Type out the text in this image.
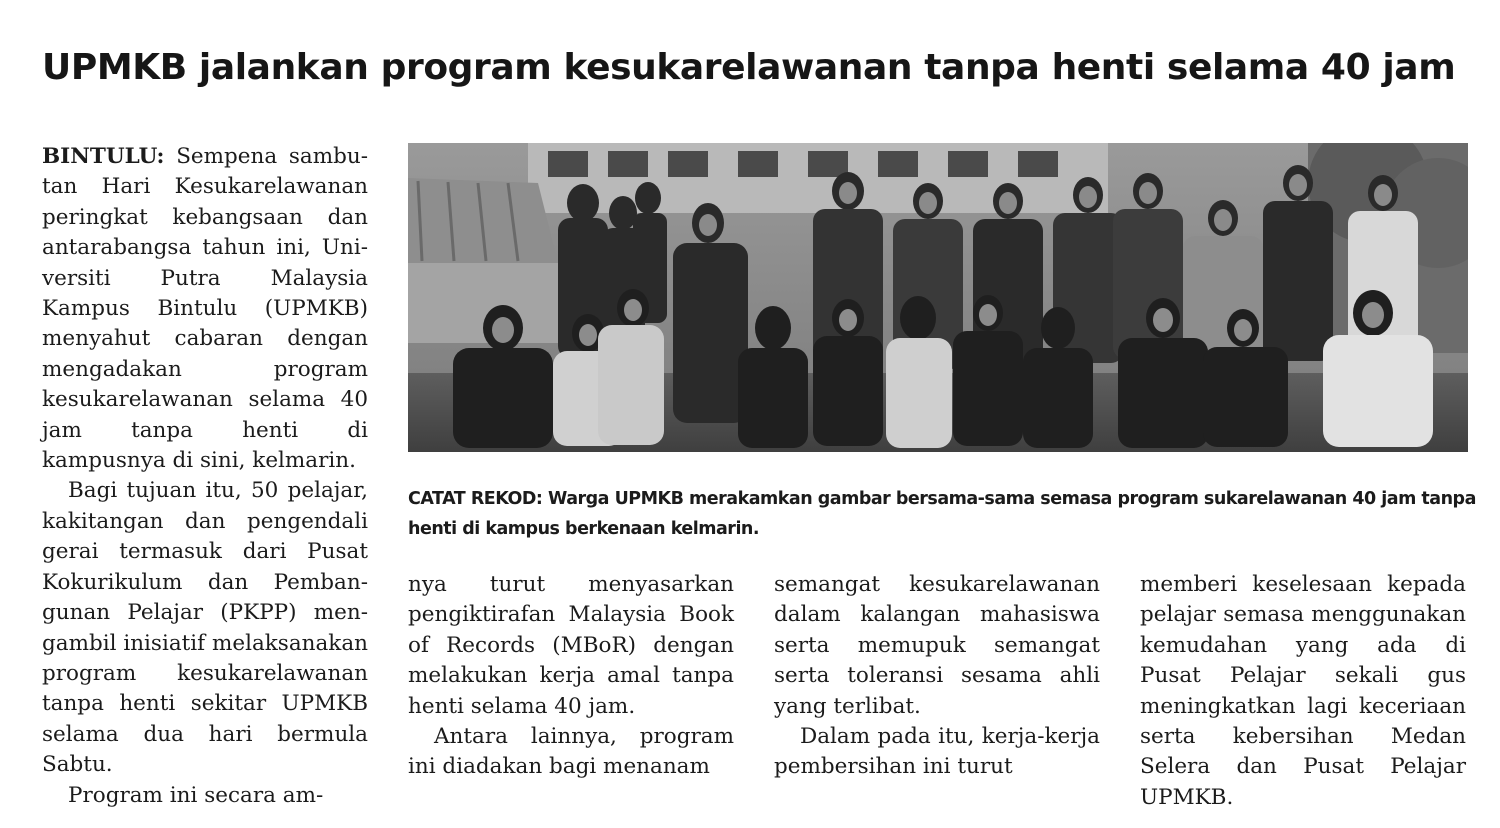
UPMKB jalankan program kesukarelawanan tanpa henti selama 40 jam

BINTULU: Sempena sambutan Hari Kesukarelawanan peringkat kebangsaan dan antarabangsa tahun ini, Universiti Putra Malaysia Kampus Bintulu (UPMKB) menyahut cabaran dengan mengadakan program kesukarelawanan selama 40 jam tanpa henti di kampusnya di sini, kelmarin.

Bagi tujuan itu, 50 pelajar, kakitangan dan pengendali gerai termasuk dari Pusat Kokurikulum dan Pembangunan Pelajar (PKPP) mengambil inisiatif melaksanakan program kesukarelawanan tanpa henti sekitar UPMKB selama dua hari bermula Sabtu.

Program ini secara am-

nya turut menyasarkan pengiktirafan Malaysia Book of Records (MBoR) dengan melakukan kerja amal tanpa henti selama 40 jam.

Antara lainnya, program ini diadakan bagi menanam

semangat kesukarelawanan dalam kalangan mahasiswa serta memupuk semangat serta toleransi sesama ahli yang terlibat.

Dalam pada itu, kerja-kerja pembersihan ini turut

memberi keselesaan kepada pelajar semasa menggunakan kemudahan yang ada di Pusat Pelajar sekali gus meningkatkan lagi keceriaan serta kebersihan Medan Selera dan Pusat Pelajar UPMKB.

CATAT REKOD: Warga UPMKB merakamkan gambar bersama-sama semasa program sukarelawanan 40 jam tanpa henti di kampus berkenaan kelmarin.
